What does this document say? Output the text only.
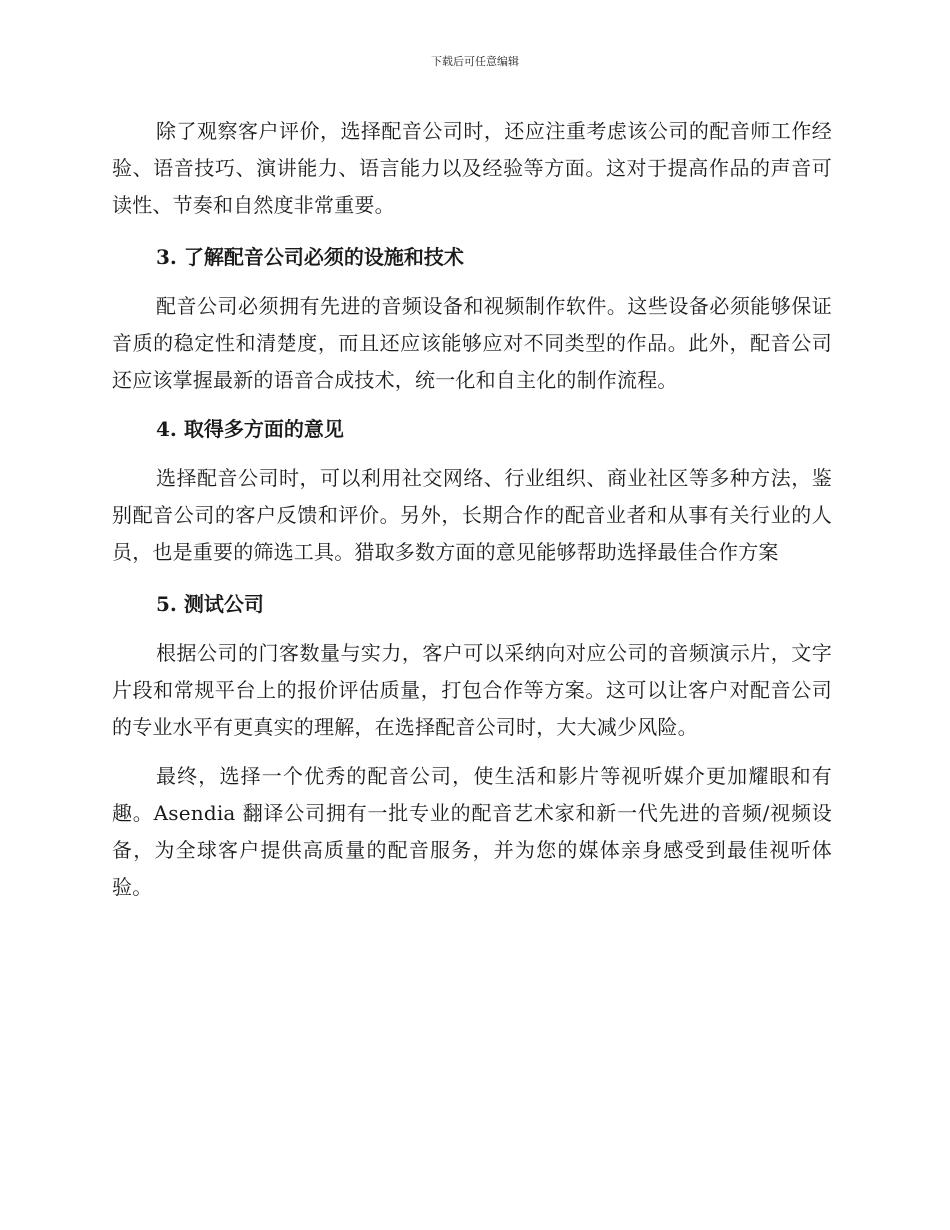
下载后可任意编辑

除了观察客户评价，选择配音公司时，还应注重考虑该公司的配音师工作经验、语音技巧、演讲能力、语言能力以及经验等方面。这对于提高作品的声音可读性、节奏和自然度非常重要。

3. 了解配音公司必须的设施和技术

配音公司必须拥有先进的音频设备和视频制作软件。这些设备必须能够保证音质的稳定性和清楚度，而且还应该能够应对不同类型的作品。此外，配音公司还应该掌握最新的语音合成技术，统一化和自主化的制作流程。

4. 取得多方面的意见

选择配音公司时，可以利用社交网络、行业组织、商业社区等多种方法，鉴别配音公司的客户反馈和评价。另外，长期合作的配音业者和从事有关行业的人员，也是重要的筛选工具。猎取多数方面的意见能够帮助选择最佳合作方案

5. 测试公司

根据公司的门客数量与实力，客户可以采纳向对应公司的音频演示片，文字片段和常规平台上的报价评估质量，打包合作等方案。这可以让客户对配音公司的专业水平有更真实的理解，在选择配音公司时，大大减少风险。

最终，选择一个优秀的配音公司，使生活和影片等视听媒介更加耀眼和有趣。Asendia 翻译公司拥有一批专业的配音艺术家和新一代先进的音频/视频设备，为全球客户提供高质量的配音服务，并为您的媒体亲身感受到最佳视听体验。
